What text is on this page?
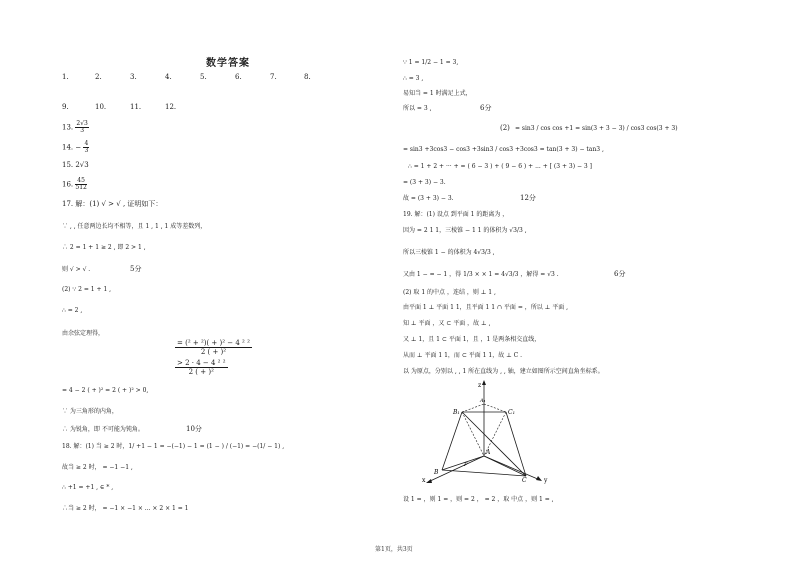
数学答案
1.	2.	3.	4.	5.	6.	7.	8.
9.	10.	11.	12.
13. $\frac{2√3}{3}$
14. − $\frac{4}{3}$
15. 2√3
16. $\frac{45}{512}$
17. 解：(1) √ > √ , 证明如下：
∵ , , 任意两边长均不相等，且 1 , 1 , 1 成等差数列，
∴ 2 = 1 + 1 ≥ 2 , 即 2 > 1 ,
则 √ > √ .	5分
(2) ∵ 2 = 1 + 1 ,
∴ = 2 ,
由余弦定理得，
= (² + ²)( + )² − 4 ² ²
2 ( + )²
> 2 · 4 − 4 ² ²
2 ( + )²
= 4 − 2 ( + )² = 2 ( + )² > 0,
∵ 为三角形的内角，
∴ 为锐角，即 不可能为钝角。	10分
18. 解：(1) 当 ≥ 2 时，1/ +1 − 1 = −(−1) − 1 = (1 − ) / (−1) = −(1/ − 1) ,
故当 ≥ 2 时， = −1 −1 ,
∴ +1 = +1 , ∈ * ,
∴当 ≥ 2 时， = −1 × −1 × ... × 2 × 1 = 1
∵ 1 = 1/2 − 1 = 3,
∴ = 3 ,
易知当 = 1 时满足上式，
所以 = 3 ,	6分
(2) = sin3 / cos cos +1 = sin(3 + 3 − 3) / cos3 cos(3 + 3)
= sin3 +3cos3 − cos3 +3sin3 / cos3 +3cos3 = tan(3 + 3) − tan3 ,
∴ = 1 + 2 + ··· + = ( 6 − 3 ) + ( 9 − 6 ) + ... + [ (3 + 3) − 3 ]
= (3 + 3) − 3.
故 = (3 + 3) − 3.	12分
19. 解：(1) 设点 到平面 1 的距离为 ，
因为 = 2 1 1，三棱锥 − 1 1 的体积为 √3/3 ,
所以三棱锥 1 − 的体积为 4√3/3 ,
又由 1 − = − 1 ，得 1/3 × × 1 = 4√3/3 ，解得 = √3 .	6分
(2) 取 1 的中点 ，连结 ，则 ⊥ 1 ,
由平面 1 ⊥ 平面 1 1，且平面 1 1 ∩ 平面 = ，所以 ⊥ 平面 ,
知 ⊥ 平面 ，又 ⊂ 平面 ，故 ⊥ ,
又 ⊥ 1，且 1 ⊂ 平面 1，且 ，1 是两条相交直线，
从而 ⊥ 平面 1 1，而 ⊂ 平面 1 1，故 ⊥ C .
以 为原点，分别以 , , 1 所在直线为 , , 轴，建立如图所示空间直角坐标系。
z
x	y
B₁	C₁
A₁
B
A
C
F
设 1 = ，则 1 = ，则 = 2 ， = 2 ，取 中点 ，则 1 = ,
第1页，共3页
